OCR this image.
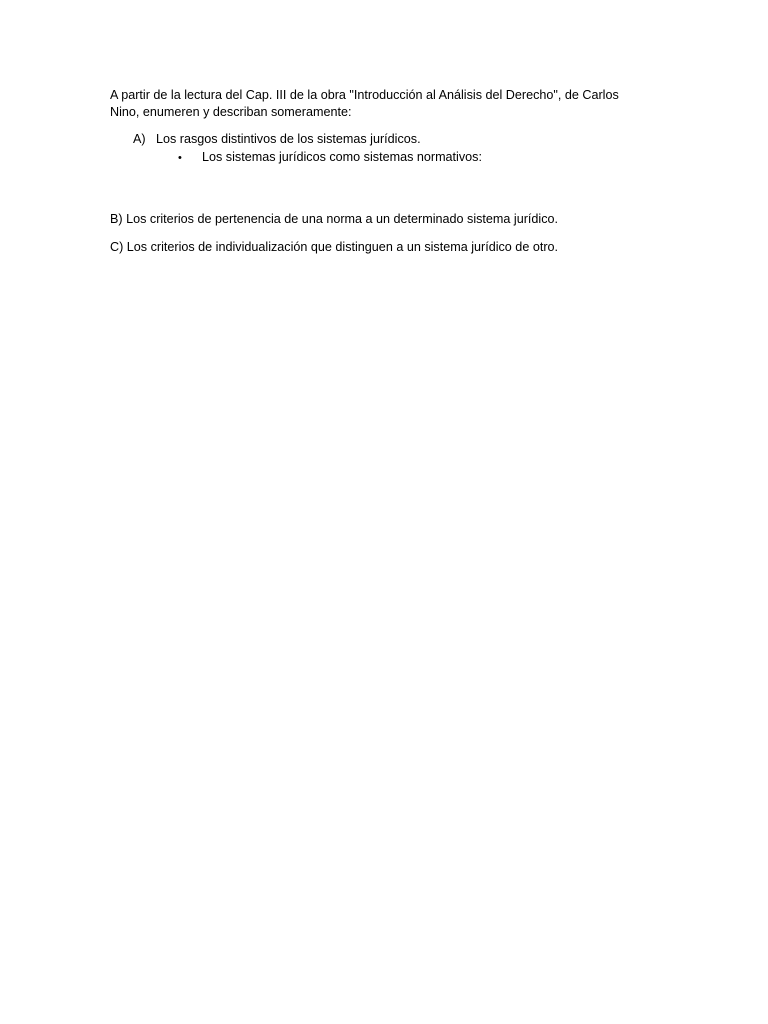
A partir de la lectura del Cap. III de la obra "Introducción al Análisis del Derecho", de Carlos Nino, enumeren y describan someramente:

A) Los rasgos distintivos de los sistemas jurídicos.

• Los sistemas jurídicos como sistemas normativos:

B) Los criterios de pertenencia de una norma a un determinado sistema jurídico.

C) Los criterios de individualización que distinguen a un sistema jurídico de otro.
